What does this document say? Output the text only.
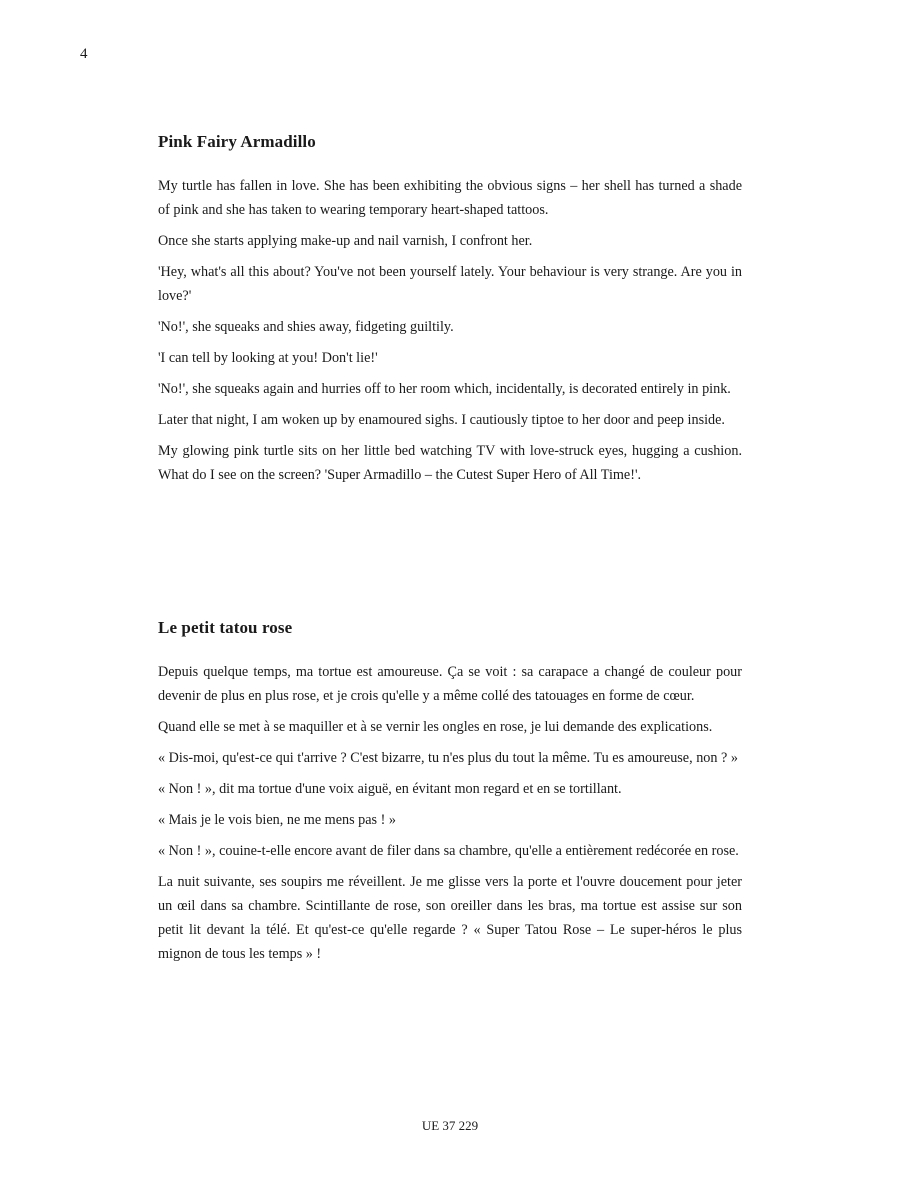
4
Pink Fairy Armadillo

My turtle has fallen in love. She has been exhibiting the obvious signs – her shell has turned a shade of pink and she has taken to wearing temporary heart-shaped tattoos.

Once she starts applying make-up and nail varnish, I confront her.

'Hey, what's all this about? You've not been yourself lately. Your behaviour is very strange. Are you in love?'

'No!', she squeaks and shies away, fidgeting guiltily.

'I can tell by looking at you! Don't lie!'

'No!', she squeaks again and hurries off to her room which, incidentally, is decorated entirely in pink.

Later that night, I am woken up by enamoured sighs. I cautiously tiptoe to her door and peep inside.

My glowing pink turtle sits on her little bed watching TV with love-struck eyes, hugging a cushion. What do I see on the screen? 'Super Armadillo – the Cutest Super Hero of All Time!'.

Le petit tatou rose

Depuis quelque temps, ma tortue est amoureuse. Ça se voit : sa carapace a changé de couleur pour devenir de plus en plus rose, et je crois qu'elle y a même collé des tatouages en forme de cœur.

Quand elle se met à se maquiller et à se vernir les ongles en rose, je lui demande des explications.

« Dis-moi, qu'est-ce qui t'arrive ? C'est bizarre, tu n'es plus du tout la même. Tu es amoureuse, non ? »

« Non ! », dit ma tortue d'une voix aiguë, en évitant mon regard et en se tortillant.

« Mais je le vois bien, ne me mens pas ! »

« Non ! », couine-t-elle encore avant de filer dans sa chambre, qu'elle a entièrement redécorée en rose.

La nuit suivante, ses soupirs me réveillent. Je me glisse vers la porte et l'ouvre doucement pour jeter un œil dans sa chambre. Scintillante de rose, son oreiller dans les bras, ma tortue est assise sur son petit lit devant la télé. Et qu'est-ce qu'elle regarde ? « Super Tatou Rose – Le super-héros le plus mignon de tous les temps » !

UE 37 229
